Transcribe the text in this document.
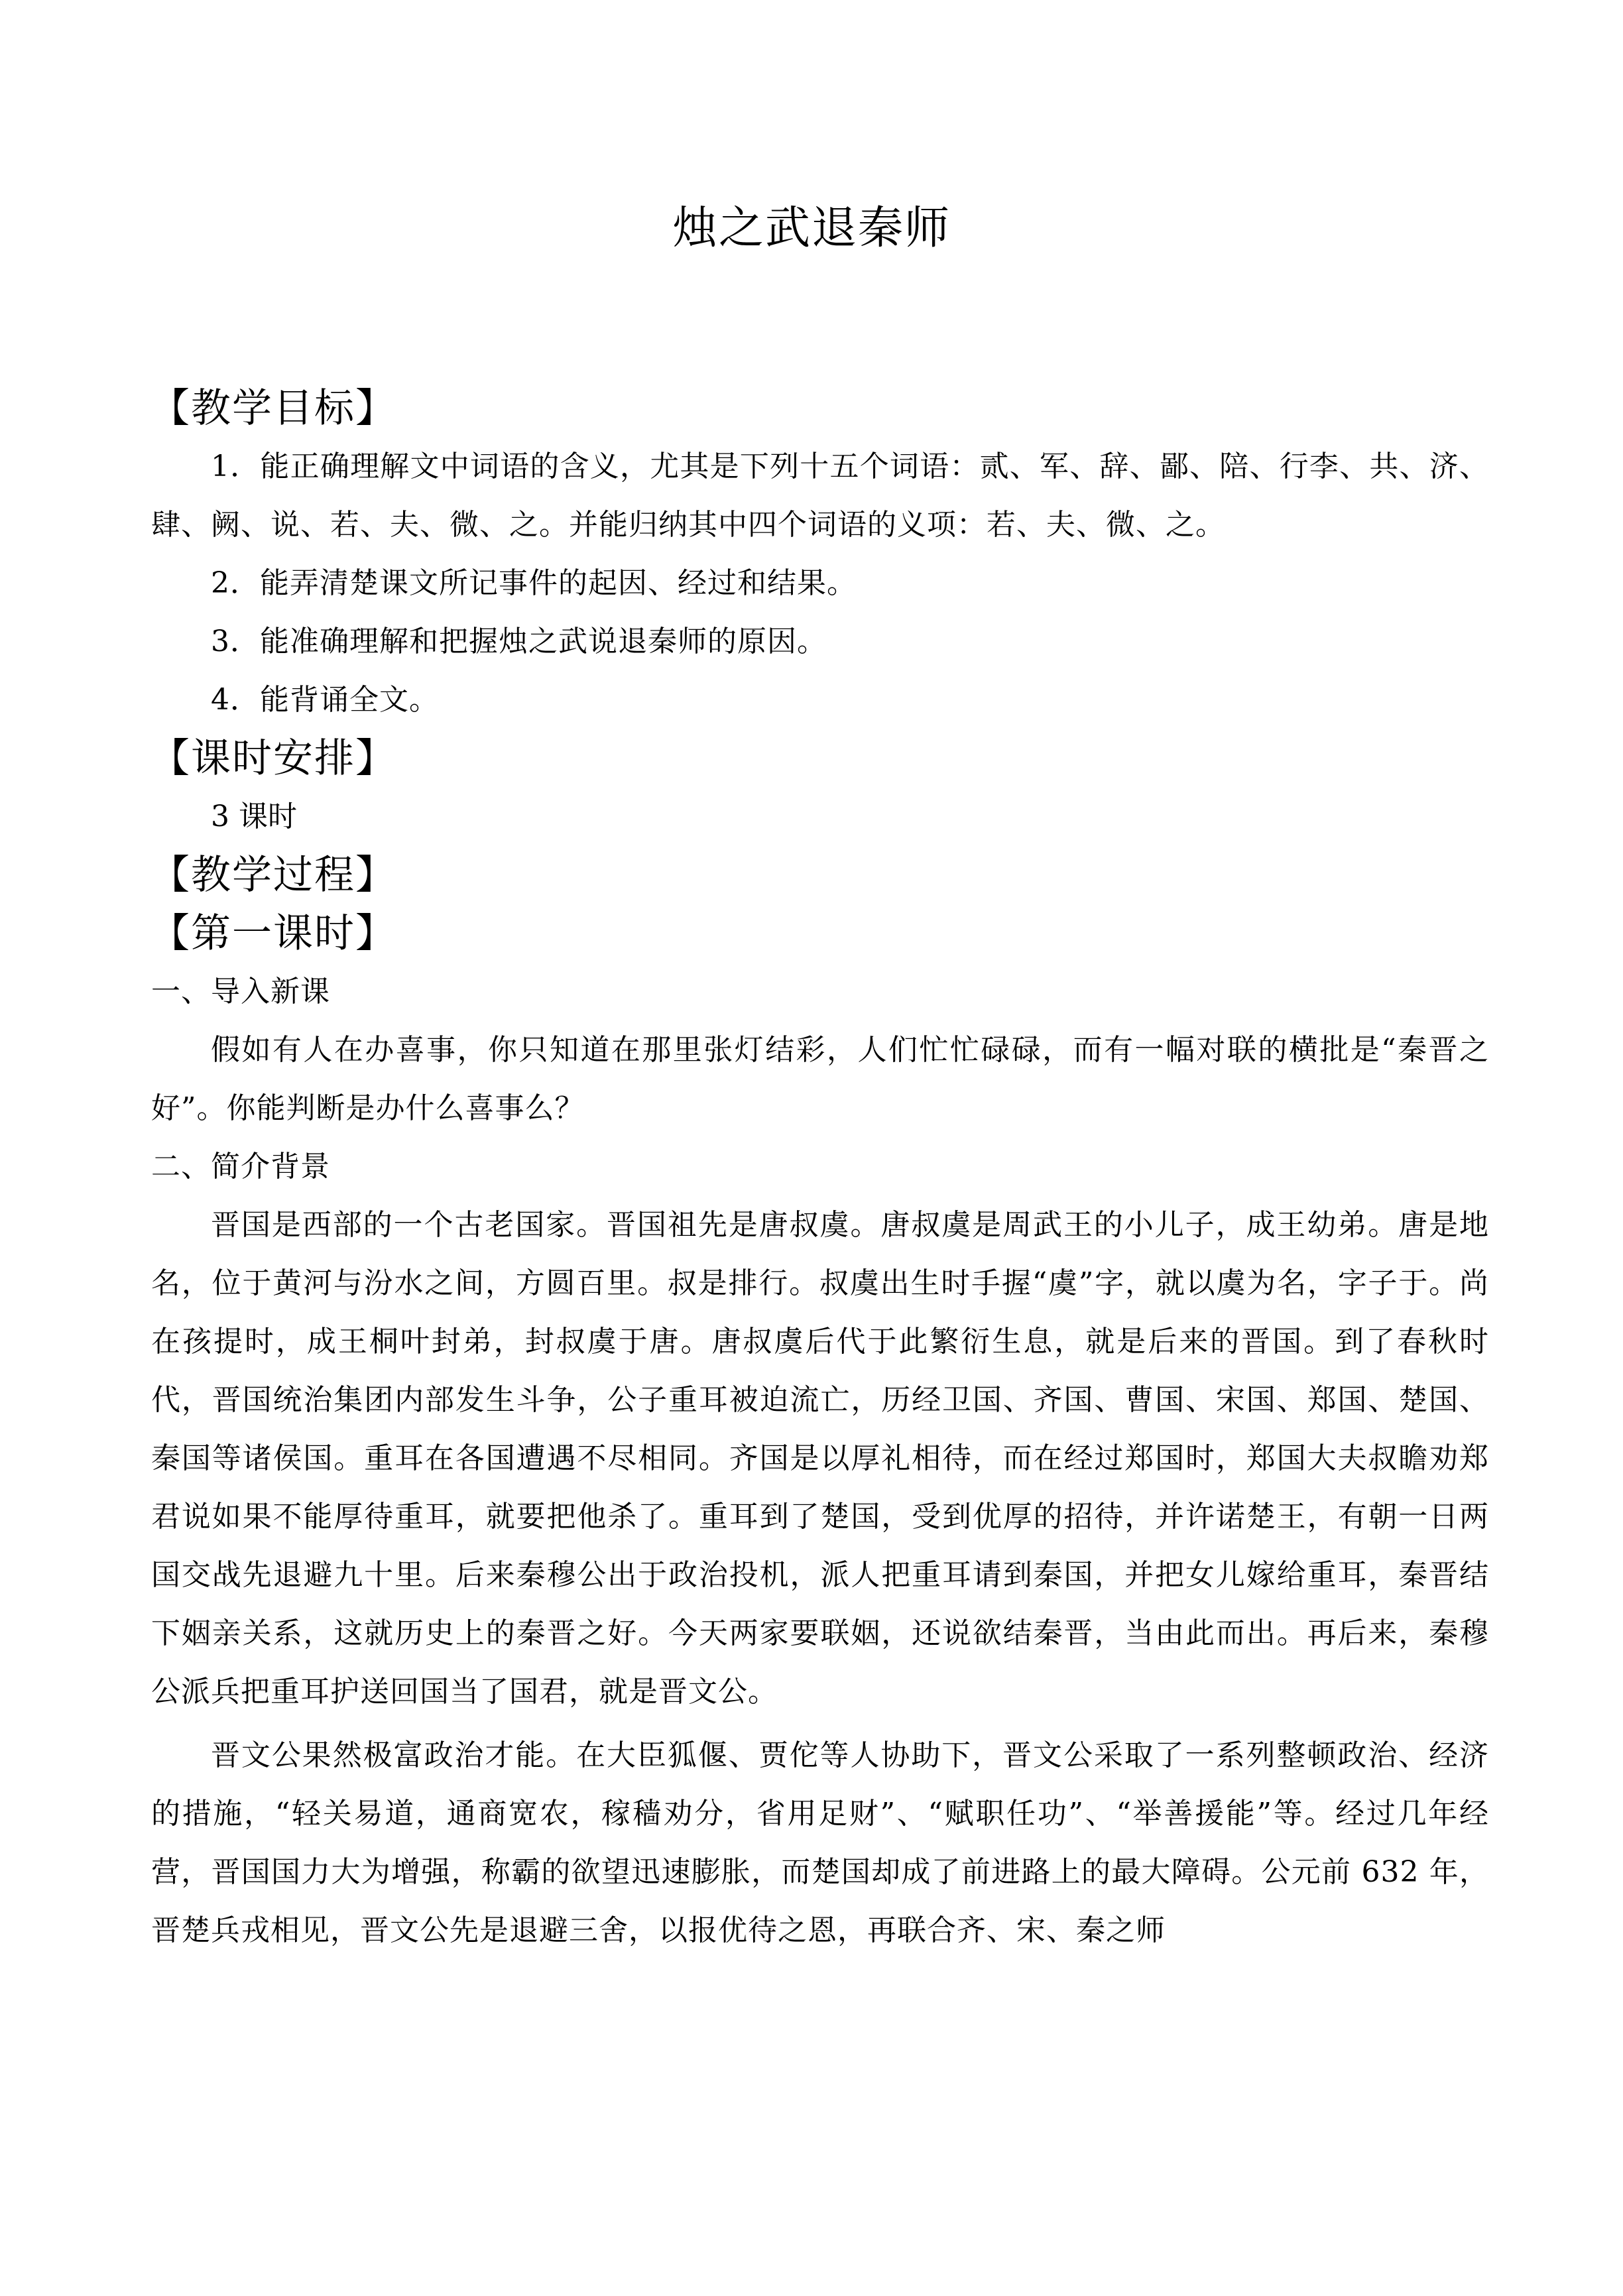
烛之武退秦师
【教学目标】
1．能正确理解文中词语的含义，尤其是下列十五个词语：贰、军、辞、鄙、陪、行李、共、济、肆、阙、说、若、夫、微、之。并能归纳其中四个词语的义项：若、夫、微、之。
2．能弄清楚课文所记事件的起因、经过和结果。
3．能准确理解和把握烛之武说退秦师的原因。
4．能背诵全文。
【课时安排】
3 课时
【教学过程】
【第一课时】
一、导入新课
假如有人在办喜事，你只知道在那里张灯结彩，人们忙忙碌碌，而有一幅对联的横批是“秦晋之好”。你能判断是办什么喜事么？
二、简介背景
晋国是西部的一个古老国家。晋国祖先是唐叔虞。唐叔虞是周武王的小儿子，成王幼弟。唐是地名，位于黄河与汾水之间，方圆百里。叔是排行。叔虞出生时手握“虞”字，就以虞为名，字子于。尚在孩提时，成王桐叶封弟，封叔虞于唐。唐叔虞后代于此繁衍生息，就是后来的晋国。到了春秋时代，晋国统治集团内部发生斗争，公子重耳被迫流亡，历经卫国、齐国、曹国、宋国、郑国、楚国、秦国等诸侯国。重耳在各国遭遇不尽相同。齐国是以厚礼相待，而在经过郑国时，郑国大夫叔瞻劝郑君说如果不能厚待重耳，就要把他杀了。重耳到了楚国，受到优厚的招待，并许诺楚王，有朝一日两国交战先退避九十里。后来秦穆公出于政治投机，派人把重耳请到秦国，并把女儿嫁给重耳，秦晋结下姻亲关系，这就历史上的秦晋之好。今天两家要联姻，还说欲结秦晋，当由此而出。再后来，秦穆公派兵把重耳护送回国当了国君，就是晋文公。
晋文公果然极富政治才能。在大臣狐偃、贾佗等人协助下，晋文公采取了一系列整顿政治、经济的措施，“轻关易道，通商宽农，稼穑劝分，省用足财”、“赋职任功”、“举善援能”等。经过几年经营，晋国国力大为增强，称霸的欲望迅速膨胀，而楚国却成了前进路上的最大障碍。公元前 632 年，晋楚兵戎相见，晋文公先是退避三舍，以报优待之恩，再联合齐、宋、秦之师
